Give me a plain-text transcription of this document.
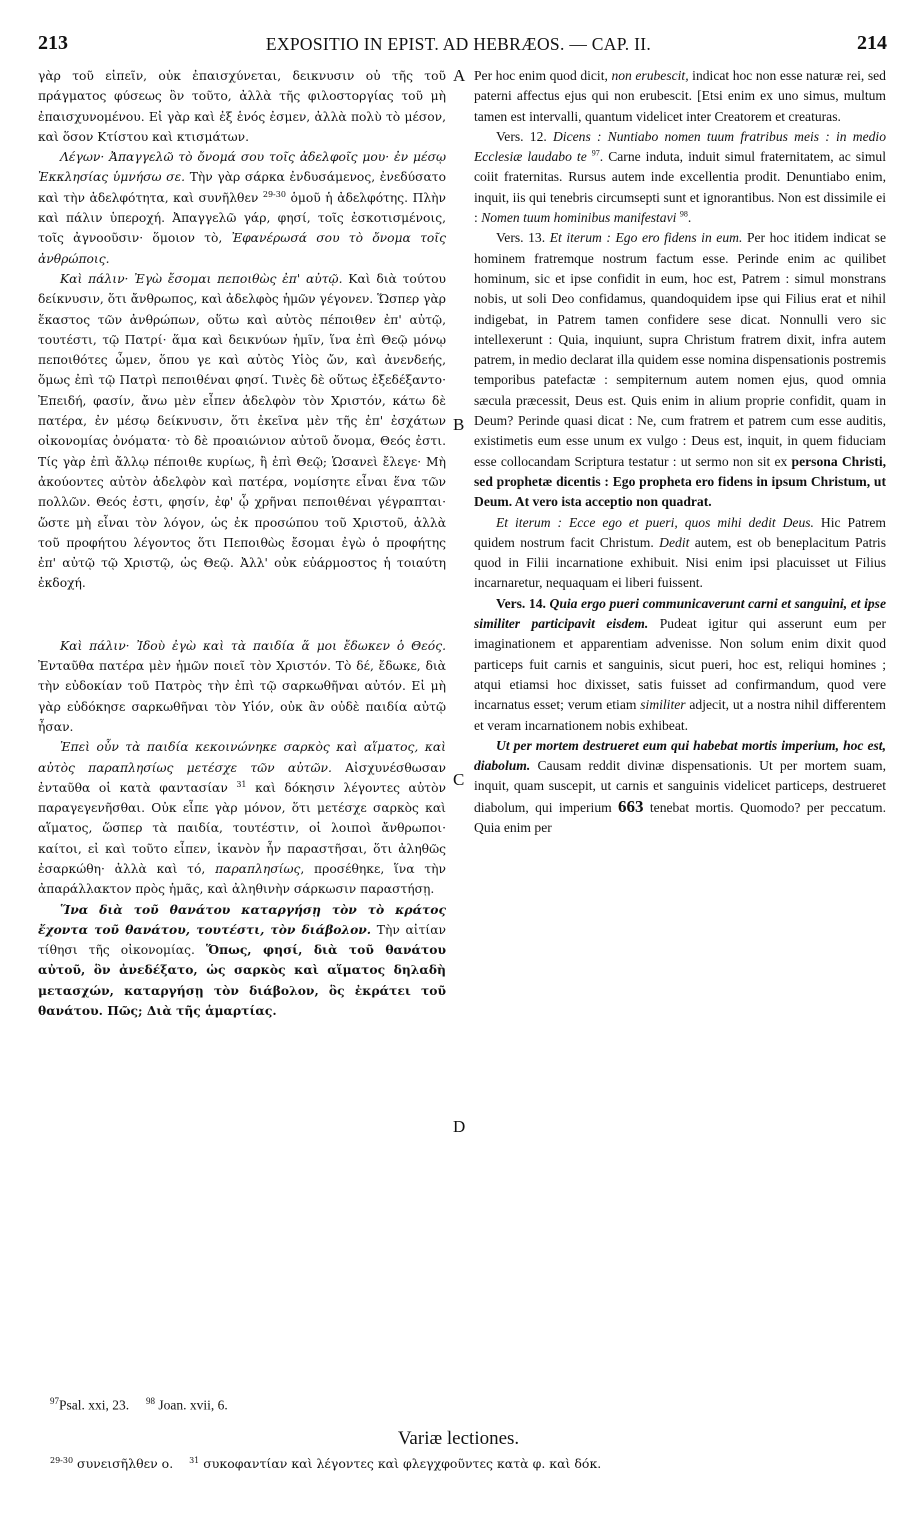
213	EXPOSITIO IN EPIST. AD HEBRÆOS. — CAP. II.	214
A
B
C
D

γὰρ τοῦ εἰπεῖν, οὐκ ἐπαισχύνεται, δεικνυσιν οὐ τῆς τοῦ πράγματος φύσεως ὂν τοῦτο, ἀλλὰ τῆς φιλοστοργίας τοῦ μὴ ἐπαισχυνομένου. Εἰ γὰρ καὶ ἐξ ἑνός ἐσμεν, ἀλλὰ πολὺ τὸ μέσον, καὶ ὅσον Κτίστου καὶ κτισμάτων.

Λέγων· Ἀπαγγελῶ τὸ ὄνομά σου τοῖς ἀδελφοῖς μου· ἐν μέσῳ Ἐκκλησίας ὑμνήσω σε. Τὴν γὰρ σάρκα ἐνδυσάμενος, ἐνεδύσατο καὶ τὴν ἀδελφότητα, καὶ συνῆλθεν $^{29-30}$ ὁμοῦ ἡ ἀδελφότης. Πλὴν καὶ πάλιν ὑπεροχή. Ἀπαγγελῶ γάρ, φησί, τοῖς ἐσκοτισμένοις, τοῖς ἀγνοοῦσιν· ὅμοιον τὸ, Ἐφανέρωσά σου τὸ ὄνομα τοῖς ἀνθρώποις.

Καὶ πάλιν· Ἐγὼ ἔσομαι πεποιθὼς ἐπ' αὐτῷ. Καὶ διὰ τούτου δείκνυσιν, ὅτι ἄνθρωπος, καὶ ἀδελφὸς ἡμῶν γέγονεν. Ὥσπερ γὰρ ἕκαστος τῶν ἀνθρώπων, οὕτω καὶ αὐτὸς πέποιθεν ἐπ' αὐτῷ, τουτέστι, τῷ Πατρί· ἅμα καὶ δεικνύων ἡμῖν, ἵνα ἐπὶ Θεῷ μόνῳ πεποιθότες ὦμεν, ὅπου γε καὶ αὐτὸς Υἱὸς ὤν, καὶ ἀνενδεής, ὅμως ἐπὶ τῷ Πατρὶ πεποιθέναι φησί. Τινὲς δὲ οὕτως ἐξεδέξαντο· Ἐπειδή, φασίν, ἄνω μὲν εἶπεν ἀδελφὸν τὸν Χριστόν, κάτω δὲ πατέρα, ἐν μέσῳ δείκνυσιν, ὅτι ἐκεῖνα μὲν τῆς ἐπ' ἐσχάτων οἰκονομίας ὀνόματα· τὸ δὲ προαιώνιον αὐτοῦ ὄνομα, Θεός ἐστι. Τίς γὰρ ἐπὶ ἄλλῳ πέποιθε κυρίως, ἢ ἐπὶ Θεῷ; Ὡσανεὶ ἔλεγε· Μὴ ἀκούοντες αὐτὸν ἀδελφὸν καὶ πατέρα, νομίσητε εἶναι ἕνα τῶν πολλῶν. Θεός ἐστι, φησίν, ἐφ' ᾧ χρῆναι πεποιθέναι γέγραπται· ὥστε μὴ εἶναι τὸν λόγον, ὡς ἐκ προσώπου τοῦ Χριστοῦ, ἀλλὰ τοῦ προφήτου λέγοντος ὅτι Πεποιθὼς ἔσομαι ἐγὼ ὁ προφήτης ἐπ' αὐτῷ τῷ Χριστῷ, ὡς Θεῷ. Ἀλλ' οὐκ εὐάρμοστος ἡ τοιαύτη ἐκδοχή.

Καὶ πάλιν· Ἰδοὺ ἐγὼ καὶ τὰ παιδία ἅ μοι ἔδωκεν ὁ Θεός. Ἐνταῦθα πατέρα μὲν ἡμῶν ποιεῖ τὸν Χριστόν. Τὸ δέ, ἔδωκε, διὰ τὴν εὐδοκίαν τοῦ Πατρὸς τὴν ἐπὶ τῷ σαρκωθῆναι αὐτόν. Εἰ μὴ γὰρ εὐδόκησε σαρκωθῆναι τὸν Υἱόν, οὐκ ἂν οὐδὲ παιδία αὐτῷ ἦσαν.

Ἐπεὶ οὖν τὰ παιδία κεκοινώνηκε σαρκὸς καὶ αἵματος, καὶ αὐτὸς παραπλησίως μετέσχε τῶν αὐτῶν. Αἰσχυνέσθωσαν ἐνταῦθα οἱ κατὰ φαντασίαν $^{31}$ καὶ δόκησιν λέγοντες αὐτὸν παραγεγενῆσθαι. Οὐκ εἶπε γὰρ μόνον, ὅτι μετέσχε σαρκὸς καὶ αἵματος, ὥσπερ τὰ παιδία, τουτέστιν, οἱ λοιποὶ ἄνθρωποι· καίτοι, εἰ καὶ τοῦτο εἶπεν, ἱκανὸν ἦν παραστῆσαι, ὅτι ἀληθῶς ἐσαρκώθη· ἀλλὰ καὶ τό, παραπλησίως, προσέθηκε, ἵνα τὴν ἀπαράλλακτον πρὸς ἡμᾶς, καὶ ἀληθινὴν σάρκωσιν παραστήσῃ.

Ἵνα διὰ τοῦ θανάτου καταργήσῃ τὸν τὸ κράτος ἔχοντα τοῦ θανάτου, τουτέστι, τὸν διάβολον. Τὴν αἰτίαν τίθησι τῆς οἰκονομίας. Ὅπως, φησί, διὰ τοῦ θανάτου αὐτοῦ, ὃν ἀνεδέξατο, ὡς σαρκὸς καὶ αἵματος δηλαδὴ μετασχών, καταργήσῃ τὸν διάβολον, ὃς ἐκράτει τοῦ θανάτου. Πῶς; Διὰ τῆς ἁμαρτίας.

Per hoc enim quod dicit, non erubescit, indicat hoc non esse naturæ rei, sed paterni affectus ejus qui non erubescit. [Etsi enim ex uno simus, multum tamen est intervalli, quantum videlicet inter Creatorem et creaturas.

Vers. 12. Dicens : Nuntiabo nomen tuum fratribus meis : in medio Ecclesiæ laudabo te $^{97}$. Carne induta, induit simul fraternitatem, ac simul coiit fraternitas. Rursus autem inde excellentia prodit. Denuntiabo enim, inquit, iis qui tenebris circumsepti sunt et ignorantibus. Non est dissimile ei : Nomen tuum hominibus manifestavi $^{98}$.

Vers. 13. Et iterum : Ego ero fidens in eum. Per hoc itidem indicat se hominem fratremque nostrum factum esse. Perinde enim ac quilibet hominum, sic et ipse confidit in eum, hoc est, Patrem : simul monstrans nobis, ut soli Deo confidamus, quandoquidem ipse qui Filius erat et nihil indigebat, in Patrem tamen confidere sese dicat. Nonnulli vero sic intellexerunt : Quia, inquiunt, supra Christum fratrem dixit, infra autem patrem, in medio declarat illa quidem esse nomina dispensationis postremis temporibus patefactæ : sempiternum autem nomen ejus, quod omnia sæcula præcessit, Deus est. Quis enim in alium proprie confidit, quam in Deum? Perinde quasi dicat : Ne, cum fratrem et patrem cum esse auditis, existimetis eum esse unum ex vulgo : Deus est, inquit, in quem fiduciam esse collocandam Scriptura testatur : ut sermo non sit ex persona Christi, sed prophetæ dicentis : Ego propheta ero fidens in ipsum Christum, ut Deum. At vero ista acceptio non quadrat.

Et iterum : Ecce ego et pueri, quos mihi dedit Deus. Hic Patrem quidem nostrum facit Christum. Dedit autem, est ob beneplacitum Patris quod in Filii incarnatione exhibuit. Nisi enim ipsi placuisset ut Filius incarnaretur, nequaquam ei liberi fuissent.

Vers. 14. Quia ergo pueri communicaverunt carni et sanguini, et ipse similiter participavit eisdem. Pudeat igitur qui asserunt eum per imaginationem et apparentiam advenisse. Non solum enim dixit quod particeps fuit carnis et sanguinis, sicut pueri, hoc est, reliqui homines ; atqui etiamsi hoc dixisset, satis fuisset ad confirmandum, quod vere incarnatus esset; verum etiam similiter adjecit, ut a nostra nihil differentem et veram incarnationem nobis exhibeat.

Ut per mortem destrueret eum qui habebat mortis imperium, hoc est, diabolum. Causam reddit divinæ dispensationis. Ut per mortem suam, inquit, quam suscepit, ut carnis et sanguinis videlicet particeps, destrueret diabolum, qui imperium 663 tenebat mortis. Quomodo? per peccatum. Quia enim per

$^{97}$Psal. xxi, 23. $^{98}$ Joan. xvii, 6.
Variæ lectiones.
$^{29-30}$ συνεισῆλθεν ο. $^{31}$ συκοφαντίαν καὶ λέγοντες καὶ φλεγχφοῦντες κατὰ φ. καὶ δόκ.
